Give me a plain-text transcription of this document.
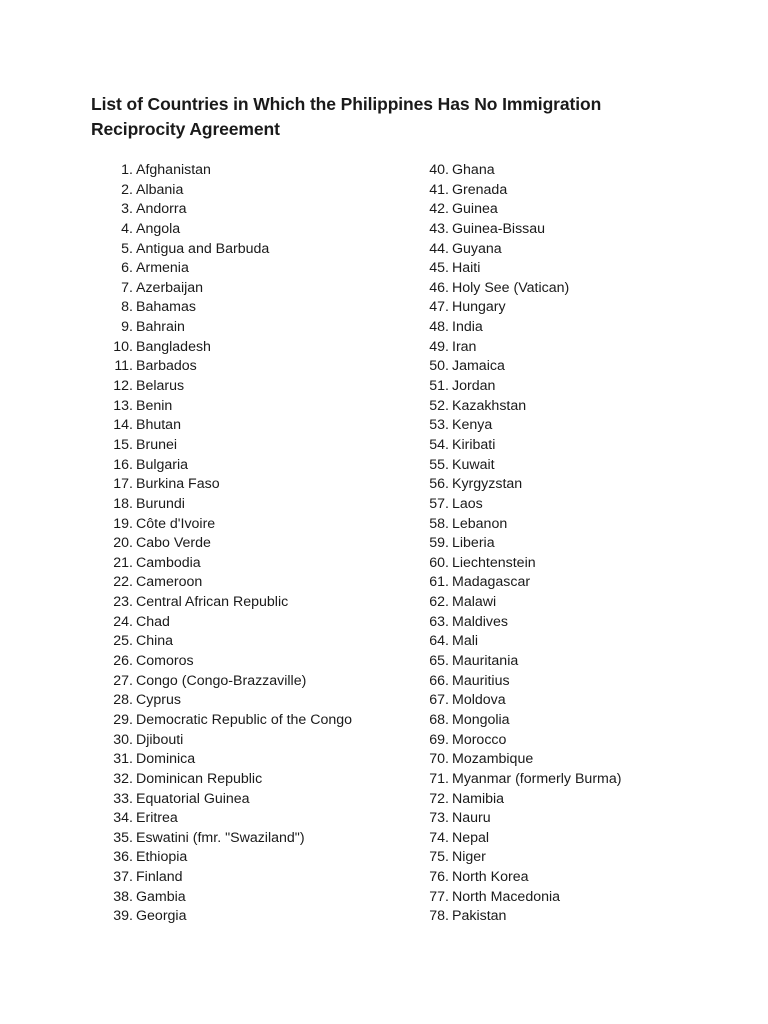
List of Countries in Which the Philippines Has No Immigration Reciprocity Agreement
1. Afghanistan
2. Albania
3. Andorra
4. Angola
5. Antigua and Barbuda
6. Armenia
7. Azerbaijan
8. Bahamas
9. Bahrain
10. Bangladesh
11. Barbados
12. Belarus
13. Benin
14. Bhutan
15. Brunei
16. Bulgaria
17. Burkina Faso
18. Burundi
19. Côte d'Ivoire
20. Cabo Verde
21. Cambodia
22. Cameroon
23. Central African Republic
24. Chad
25. China
26. Comoros
27. Congo (Congo-Brazzaville)
28. Cyprus
29. Democratic Republic of the Congo
30. Djibouti
31. Dominica
32. Dominican Republic
33. Equatorial Guinea
34. Eritrea
35. Eswatini (fmr. "Swaziland")
36. Ethiopia
37. Finland
38. Gambia
39. Georgia
40. Ghana
41. Grenada
42. Guinea
43. Guinea-Bissau
44. Guyana
45. Haiti
46. Holy See (Vatican)
47. Hungary
48. India
49. Iran
50. Jamaica
51. Jordan
52. Kazakhstan
53. Kenya
54. Kiribati
55. Kuwait
56. Kyrgyzstan
57. Laos
58. Lebanon
59. Liberia
60. Liechtenstein
61. Madagascar
62. Malawi
63. Maldives
64. Mali
65. Mauritania
66. Mauritius
67. Moldova
68. Mongolia
69. Morocco
70. Mozambique
71. Myanmar (formerly Burma)
72. Namibia
73. Nauru
74. Nepal
75. Niger
76. North Korea
77. North Macedonia
78. Pakistan
